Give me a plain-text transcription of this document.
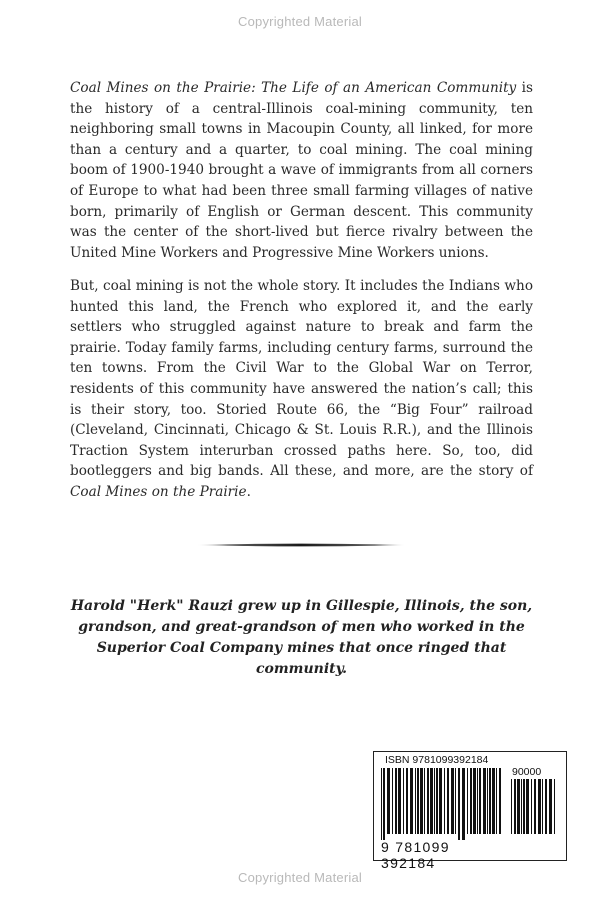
Copyrighted Material
Coal Mines on the Prairie: The Life of an American Community is the history of a central-Illinois coal-mining community, ten neighboring small towns in Macoupin County, all linked, for more than a century and a quarter, to coal mining. The coal mining boom of 1900-1940 brought a wave of immigrants from all corners of Europe to what had been three small farming villages of native born, primarily of English or German descent. This community was the center of the short-lived but fierce rivalry between the United Mine Workers and Progressive Mine Workers unions.
But, coal mining is not the whole story. It includes the Indians who hunted this land, the French who explored it, and the early settlers who struggled against nature to break and farm the prairie. Today family farms, including century farms, surround the ten towns. From the Civil War to the Global War on Terror, residents of this community have answered the nation’s call; this is their story, too. Storied Route 66, the “Big Four” railroad (Cleveland, Cincinnati, Chicago & St. Louis R.R.), and the Illinois Traction System interurban crossed paths here. So, too, did bootleggers and big bands. All these, and more, are the story of Coal Mines on the Prairie.
Harold "Herk" Rauzi grew up in Gillespie, Illinois, the son, grandson, and great-grandson of men who worked in the Superior Coal Company mines that once ringed that community.
ISBN 9781099392184
90000
9 781099 392184
Copyrighted Material
